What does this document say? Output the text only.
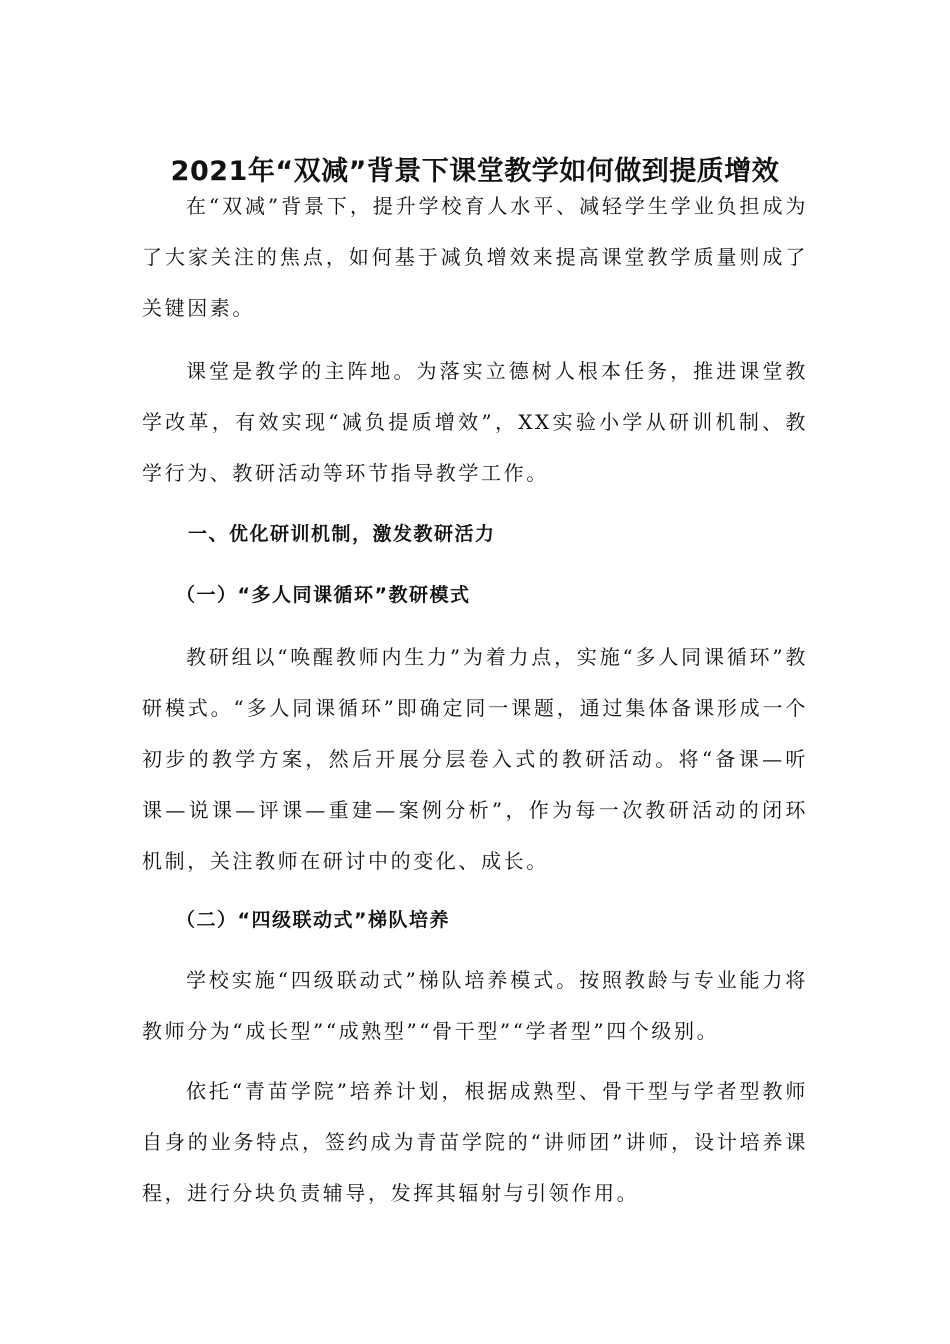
2021年“双减”背景下课堂教学如何做到提质增效

在“双减”背景下，提升学校育人水平、减轻学生学业负担成为了大家关注的焦点，如何基于减负增效来提高课堂教学质量则成了关键因素。

课堂是教学的主阵地。为落实立德树人根本任务，推进课堂教学改革，有效实现“减负提质增效”，XX实验小学从研训机制、教学行为、教研活动等环节指导教学工作。

一、优化研训机制，激发教研活力
（一）“多人同课循环”教研模式

教研组以“唤醒教师内生力”为着力点，实施“多人同课循环”教研模式。“多人同课循环”即确定同一课题，通过集体备课形成一个初步的教学方案，然后开展分层卷入式的教研活动。将“备课—听课—说课—评课—重建—案例分析”，作为每一次教研活动的闭环机制，关注教师在研讨中的变化、成长。

（二）“四级联动式”梯队培养

学校实施“四级联动式”梯队培养模式。按照教龄与专业能力将教师分为“成长型”“成熟型”“骨干型”“学者型”四个级别。

依托“青苗学院”培养计划，根据成熟型、骨干型与学者型教师自身的业务特点，签约成为青苗学院的“讲师团”讲师，设计培养课程，进行分块负责辅导，发挥其辐射与引领作用。
